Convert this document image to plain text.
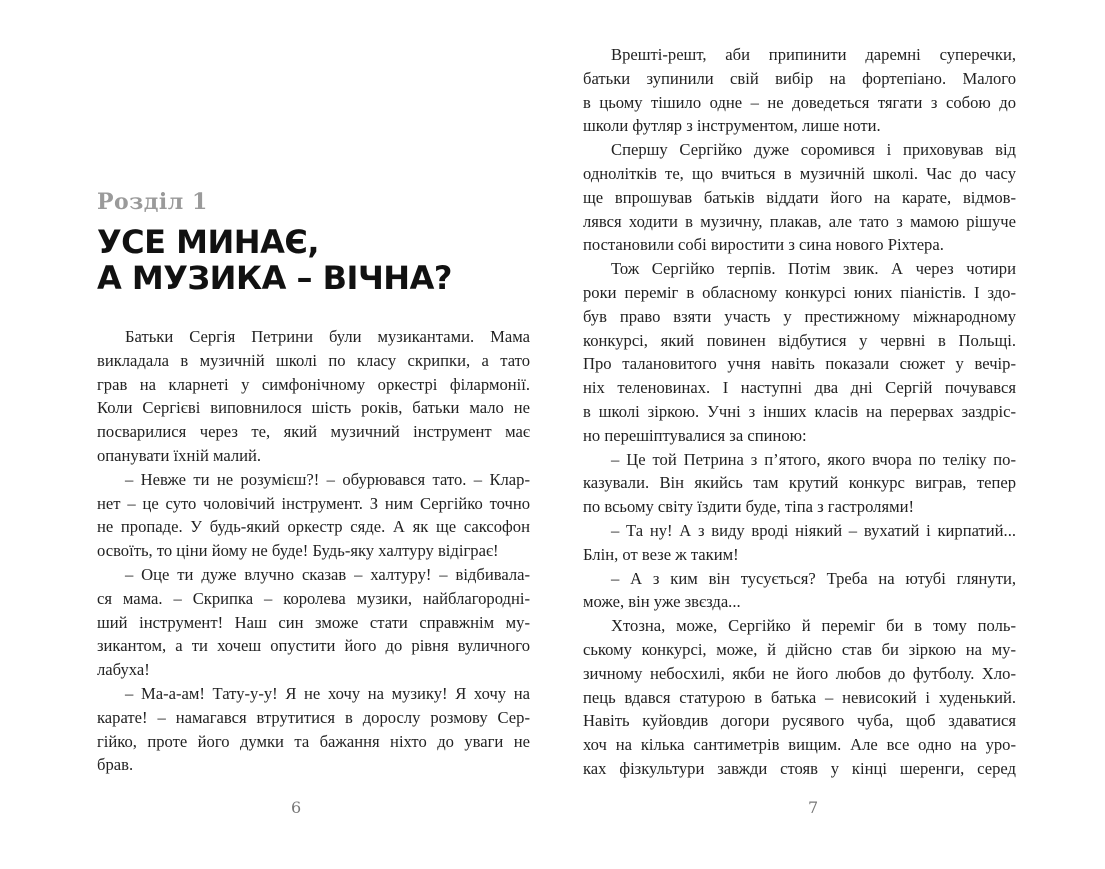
Розділ 1
УСЕ МИНАЄ,
А МУЗИКА – ВІЧНА?
Батьки Сергія Петрини були музикантами. Мама
викладала в музичній школі по класу скрипки, а тато
грав на кларнеті у симфонічному оркестрі філармонії.
Коли Сергієві виповнилося шість років, батьки мало не
посварилися через те, який музичний інструмент має
опанувати їхній малий.
– Невже ти не розумієш?! – обурювався тато. – Клар-
нет – це суто чоловічий інструмент. З ним Сергійко точно
не пропаде. У будь-який оркестр сяде. А як ще саксофон
освоїть, то ціни йому не буде! Будь-яку халтуру відіграє!
– Оце ти дуже влучно сказав – халтуру! – відбивала-
ся мама. – Скрипка – королева музики, найблагородні-
ший інструмент! Наш син зможе стати справжнім му-
зикантом, а ти хочеш опустити його до рівня вуличного
лабуха!
– Ма-а-ам! Тату-у-у! Я не хочу на музику! Я хочу на
карате! – намагався втрутитися в дорослу розмову Сер-
гійко, проте його думки та бажання ніхто до уваги не
брав.
6
Врешті-решт, аби припинити даремні суперечки,
батьки зупинили свій вибір на фортепіано. Малого
в цьому тішило одне – не доведеться тягати з собою до
школи футляр з інструментом, лише ноти.
Спершу Сергійко дуже соромився і приховував від
однолітків те, що вчиться в музичній школі. Час до часу
ще впрошував батьків віддати його на карате, відмов-
лявся ходити в музичну, плакав, але тато з мамою рішуче
постановили собі виростити з сина нового Ріхтера.
Тож Сергійко терпів. Потім звик. А через чотири
роки переміг в обласному конкурсі юних піаністів. І здо-
був право взяти участь у престижному міжнародному
конкурсі, який повинен відбутися у червні в Польщі.
Про талановитого учня навіть показали сюжет у вечір-
ніх теленовинах. І наступні два дні Сергій почувався
в школі зіркою. Учні з інших класів на перервах заздріс-
но перешіптувалися за спиною:
– Це той Петрина з п’ятого, якого вчора по теліку по-
казували. Він якийсь там крутий конкурс виграв, тепер
по всьому світу їздити буде, тіпа з гастролями!
– Та ну! А з виду вроді ніякий – вухатий і кирпатий...
Блін, от везе ж таким!
– А з ким він тусується? Треба на ютубі глянути,
може, він уже звєзда...
Хтозна, може, Сергійко й переміг би в тому поль-
ському конкурсі, може, й дійсно став би зіркою на му-
зичному небосхилі, якби не його любов до футболу. Хло-
пець вдався статурою в батька – невисокий і худенький.
Навіть куйовдив догори русявого чуба, щоб здаватися
хоч на кілька сантиметрів вищим. Але все одно на уро-
ках фізкультури завжди стояв у кінці шеренги, серед
7
